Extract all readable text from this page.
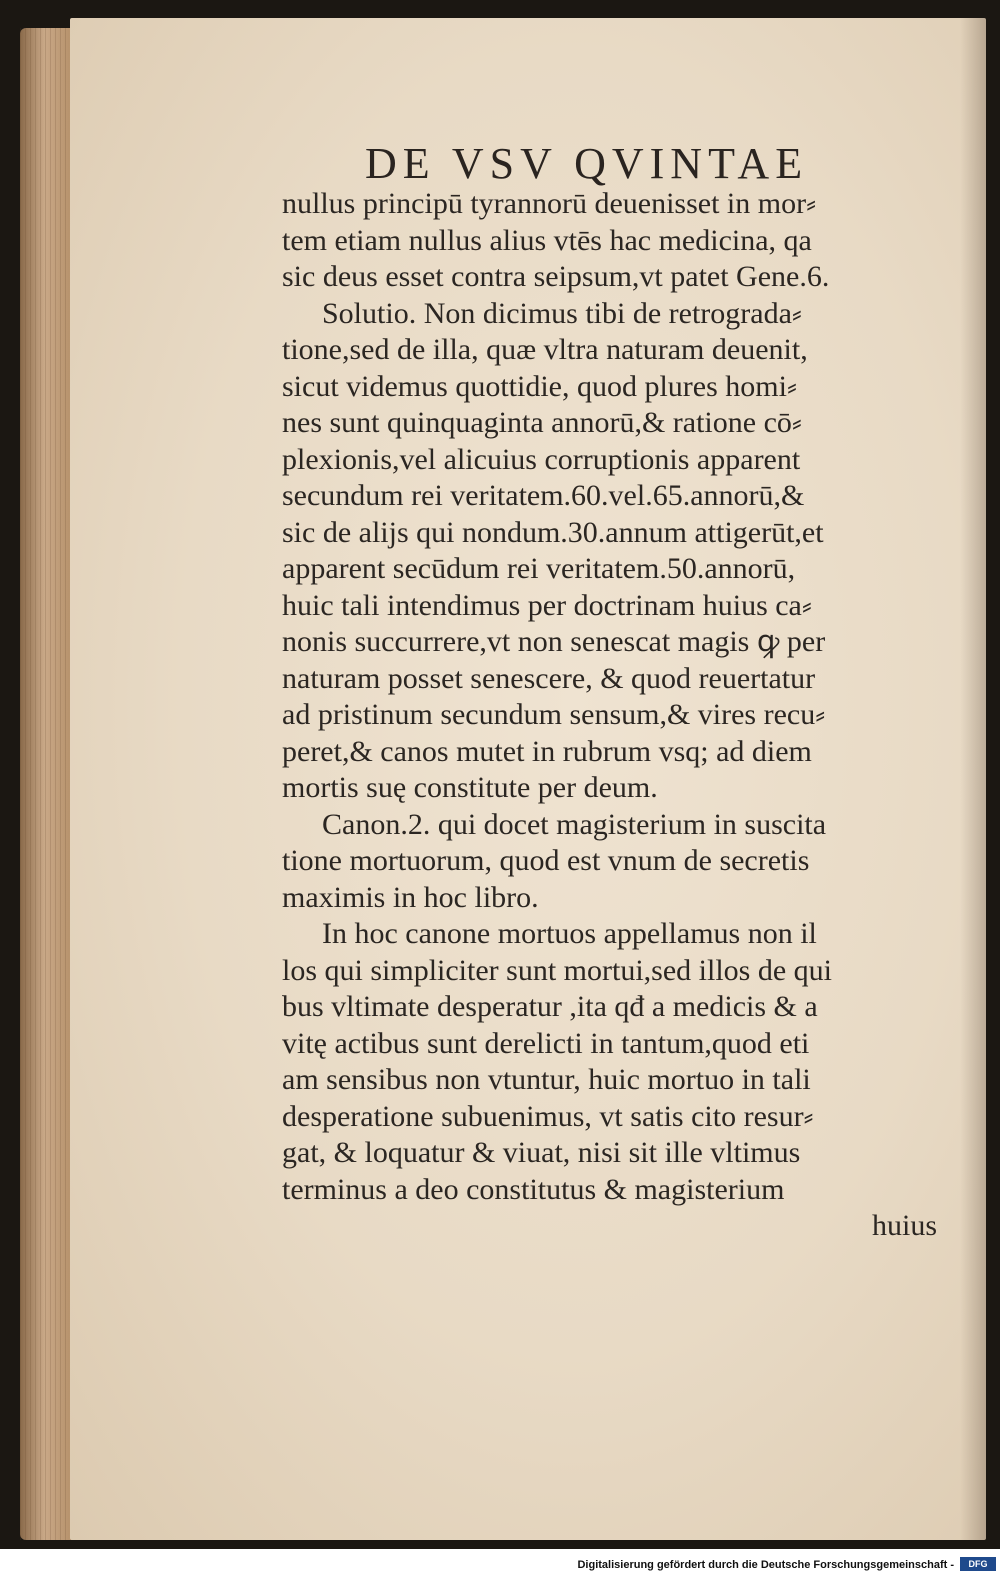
DE VSV QVINTAE
nullus principū tyrannorū deuenisset in mor⸗
tem etiam nullus alius vtēs hac medicina, qa
sic deus esset contra seipsum,vt patet Gene.6.
Solutio. Non dicimus tibi de retrograda⸗
tione,sed de illa, quæ vltra naturam deuenit,
sicut videmus quottidie, quod plures homi⸗
nes sunt quinquaginta annorū,& ratione cō⸗
plexionis,vel alicuius corruptionis apparent
secundum rei veritatem.60.vel.65.annorū,&
sic de alijs qui nondum.30.annum attigerūt,et
apparent secūdum rei veritatem.50.annorū,
huic tali intendimus per doctrinam huius ca⸗
nonis succurrere,vt non senescat magis ꝙ per
naturam posset senescere, & quod reuertatur
ad pristinum secundum sensum,& vires recu⸗
peret,& canos mutet in rubrum vsq; ad diem
mortis suę constitute per deum.
Canon.2. qui docet magisterium in suscita
tione mortuorum, quod est vnum de secretis
maximis in hoc libro.
In hoc canone mortuos appellamus non il
los qui simpliciter sunt mortui,sed illos de qui
bus vltimate desperatur ,ita qđ a medicis & a
vitę actibus sunt derelicti in tantum,quod eti
am sensibus non vtuntur, huic mortuo in tali
desperatione subuenimus, vt satis cito resur⸗
gat, & loquatur & viuat, nisi sit ille vltimus
terminus a deo constitutus & magisterium
huius
Digitalisierung gefördert durch die Deutsche Forschungsgemeinschaft -	DFG
